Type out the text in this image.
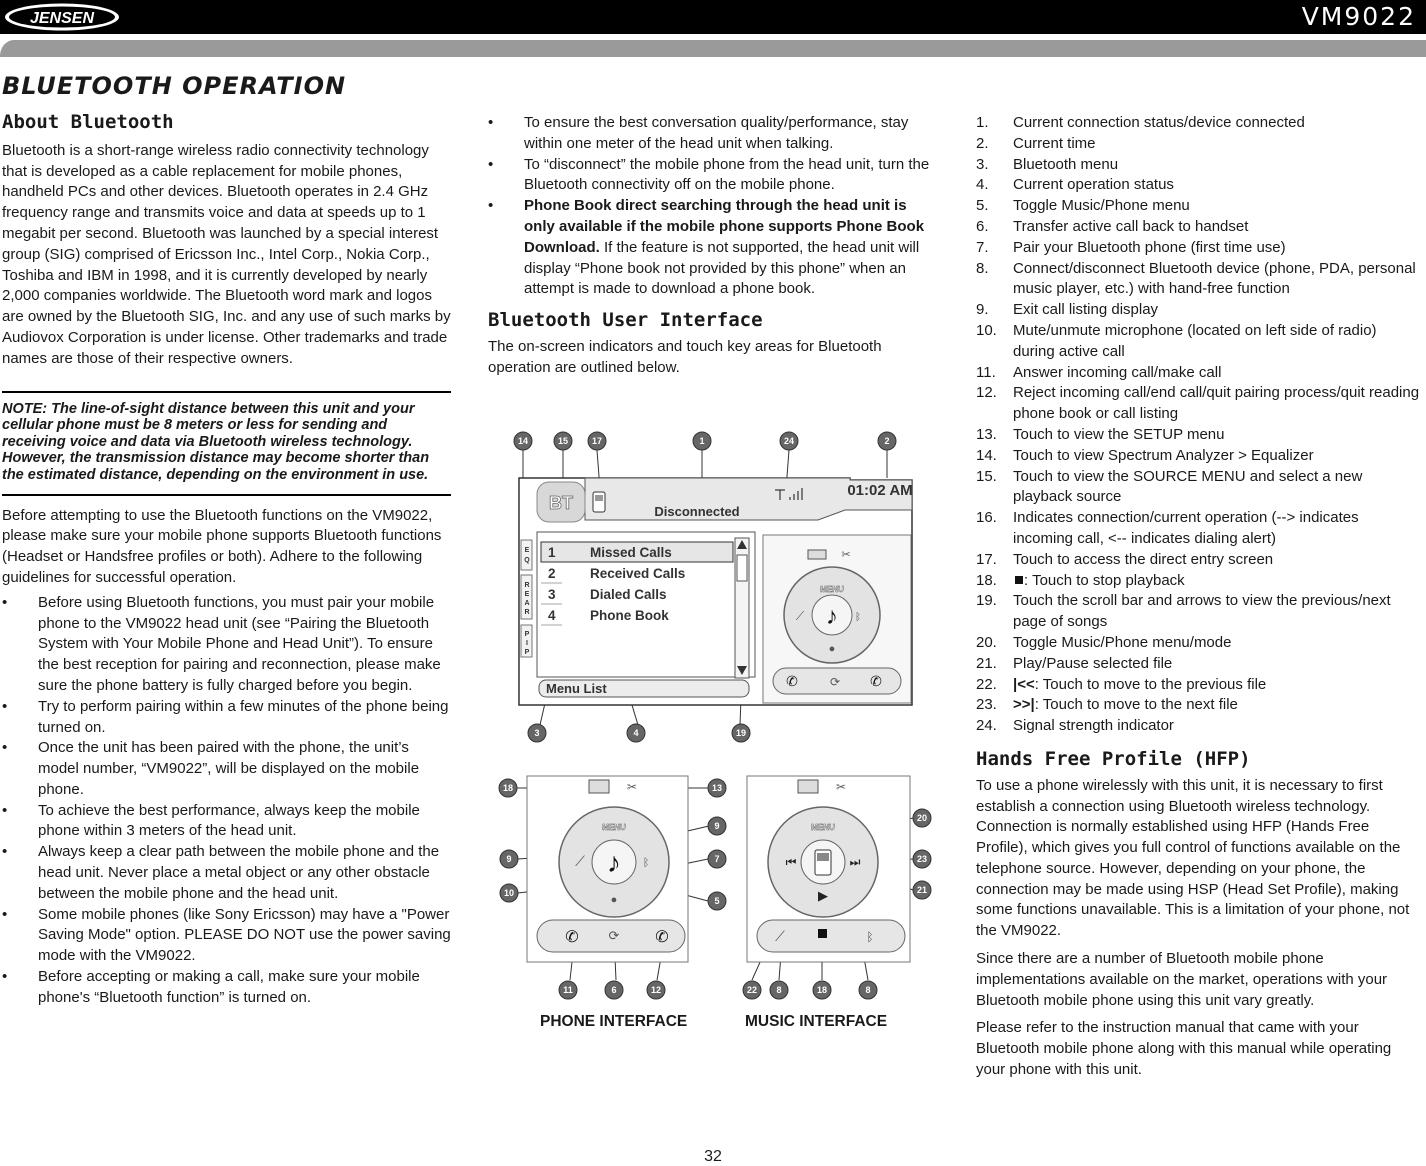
JENSEN	VM9022
BLUETOOTH OPERATION
About Bluetooth

Bluetooth is a short-range wireless radio connectivity technology that is developed as a cable replacement for mobile phones, handheld PCs and other devices. Bluetooth operates in 2.4 GHz frequency range and transmits voice and data at speeds up to 1 megabit per second. Bluetooth was launched by a special interest group (SIG) comprised of Ericsson Inc., Intel Corp., Nokia Corp., Toshiba and IBM in 1998, and it is currently developed by nearly 2,000 companies worldwide. The Bluetooth word mark and logos are owned by the Bluetooth SIG, Inc. and any use of such marks by Audiovox Corporation is under license. Other trademarks and trade names are those of their respective owners.

NOTE: The line-of-sight distance between this unit and your cellular phone must be 8 meters or less for sending and receiving voice and data via Bluetooth wireless technology. However, the transmission distance may become shorter than the estimated distance, depending on the environment in use.

Before attempting to use the Bluetooth functions on the VM9022, please make sure your mobile phone supports Bluetooth functions (Headset or Handsfree profiles or both). Adhere to the following guidelines for successful operation.

• Before using Bluetooth functions, you must pair your mobile phone to the VM9022 head unit (see “Pairing the Bluetooth System with Your Mobile Phone and Head Unit”). To ensure the best reception for pairing and reconnection, please make sure the phone battery is fully charged before you begin.
• Try to perform pairing within a few minutes of the phone being turned on.
• Once the unit has been paired with the phone, the unit’s model number, “VM9022”, will be displayed on the mobile phone.
• To achieve the best performance, always keep the mobile phone within 3 meters of the head unit.
• Always keep a clear path between the mobile phone and the head unit. Never place a metal object or any other obstacle between the mobile phone and the head unit.
• Some mobile phones (like Sony Ericsson) may have a "Power Saving Mode" option. PLEASE DO NOT use the power saving mode with the VM9022.
• Before accepting or making a call, make sure your mobile phone's “Bluetooth function” is turned on.
• To ensure the best conversation quality/performance, stay within one meter of the head unit when talking.
• To “disconnect” the mobile phone from the head unit, turn the Bluetooth connectivity off on the mobile phone.
• Phone Book direct searching through the head unit is only available if the mobile phone supports Phone Book Download. If the feature is not supported, the head unit will display “Phone book not provided by this phone” when an attempt is made to download a phone book.
Bluetooth User Interface

The on-screen indicators and touch key areas for Bluetooth operation are outlined below.

BT	Disconnected
01:02 AM
E
Q
R
E
A
R
P
I
P
1	Missed Calls
2	Received Calls
3	Dialed Calls
4	Phone Book
Menu List
✂
♪
MENU
⟋	ᛒ
●
✆	⟳ ✆
14	15	17	1	24	2
3	4	19
✂
♪
MENU
⟋	ᛒ
●
✆ ⟳ ✆
18	13
9
9	7
10
5
11	6	12
✂
MENU
⏮	⏭
▶
⟋	ᛒ
20
23
21
22 8	18	8
PHONE INTERFACE	MUSIC INTERFACE
1. Current connection status/device connected
2. Current time
3. Bluetooth menu
4. Current operation status
5. Toggle Music/Phone menu
6. Transfer active call back to handset
7. Pair your Bluetooth phone (first time use)
8. Connect/disconnect Bluetooth device (phone, PDA, personal music player, etc.) with hand-free function
9. Exit call listing display
10. Mute/unmute microphone (located on left side of radio) during active call
11. Answer incoming call/make call
12. Reject incoming call/end call/quit pairing process/quit reading phone book or call listing
13. Touch to view the SETUP menu
14. Touch to view Spectrum Analyzer > Equalizer
15. Touch to view the SOURCE MENU and select a new playback source
16. Indicates connection/current operation (--> indicates incoming call, <-- indicates dialing alert)
17. Touch to access the direct entry screen
18. : Touch to stop playback
19. Touch the scroll bar and arrows to view the previous/next page of songs
20. Toggle Music/Phone menu/mode
21. Play/Pause selected file
22. |<<: Touch to move to the previous file
23. >>|: Touch to move to the next file
24. Signal strength indicator
Hands Free Profile (HFP)

To use a phone wirelessly with this unit, it is necessary to first establish a connection using Bluetooth wireless technology. Connection is normally established using HFP (Hands Free Profile), which gives you full control of functions available on the telephone source. However, depending on your phone, the connection may be made using HSP (Head Set Profile), making some functions unavailable. This is a limitation of your phone, not the VM9022.

Since there are a number of Bluetooth mobile phone implementations available on the market, operations with your Bluetooth mobile phone using this unit vary greatly.

Please refer to the instruction manual that came with your Bluetooth mobile phone along with this manual while operating your phone with this unit.

32
